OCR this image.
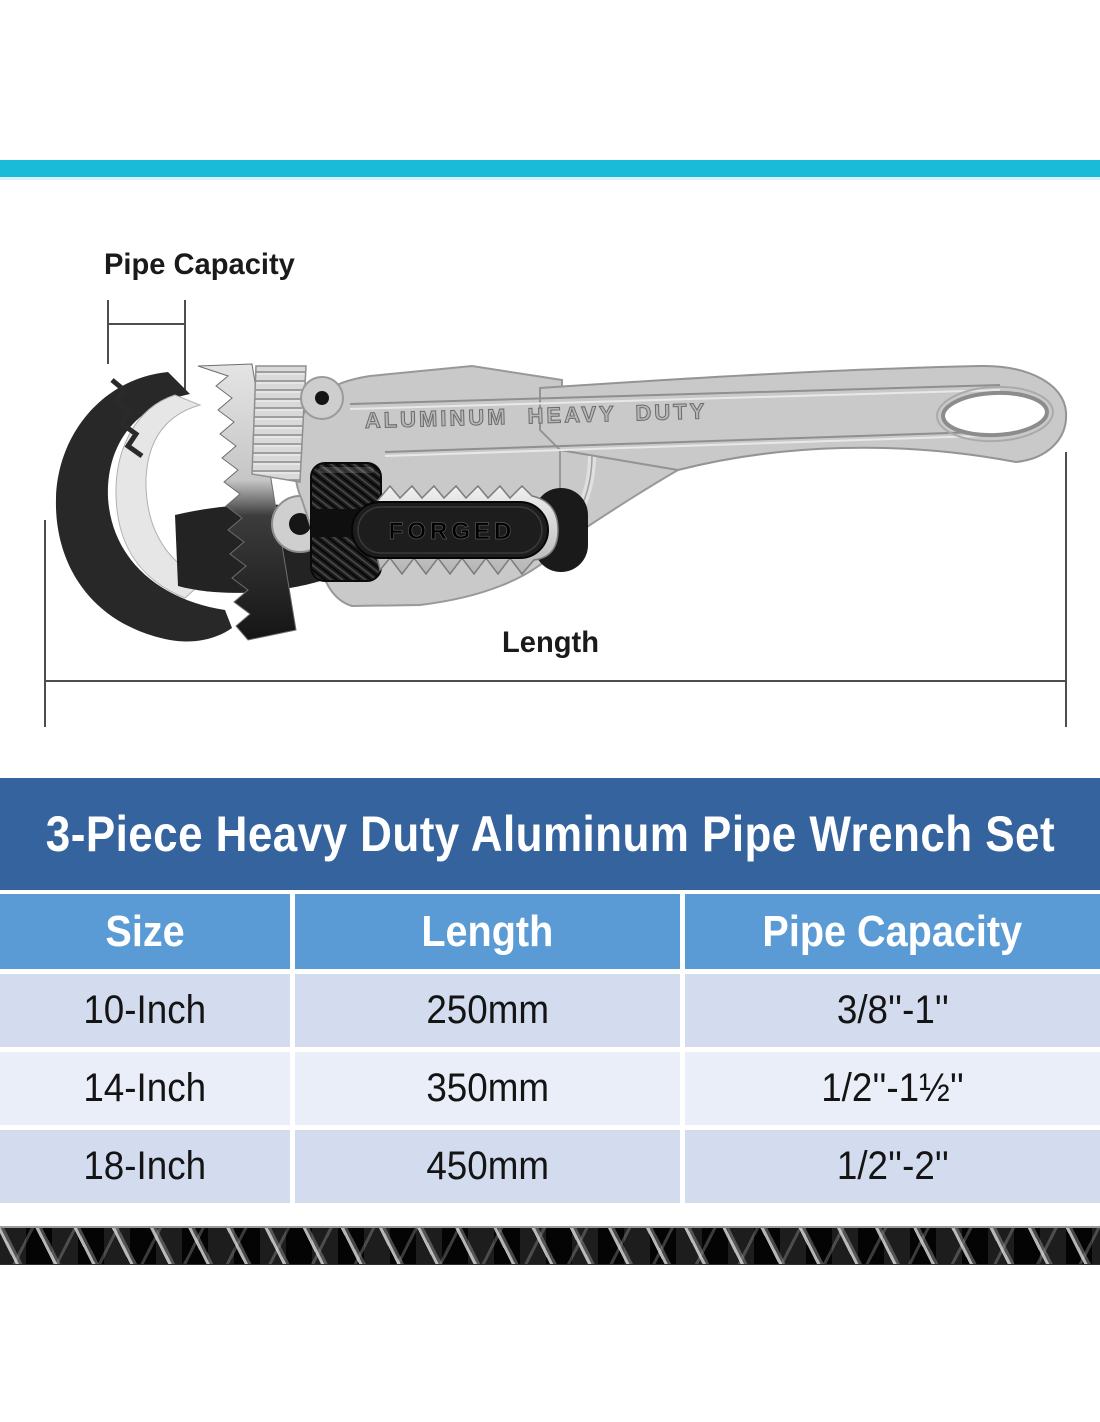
ALUMINUM HEAVY DUTY
FORGED
Pipe Capacity
Length
3-Piece Heavy Duty Aluminum Pipe Wrench Set
Size	Length	Pipe Capacity
10-Inch	250mm	3/8''-1''
14-Inch	350mm	1/2''-1½''
18-Inch	450mm	1/2''-2''
